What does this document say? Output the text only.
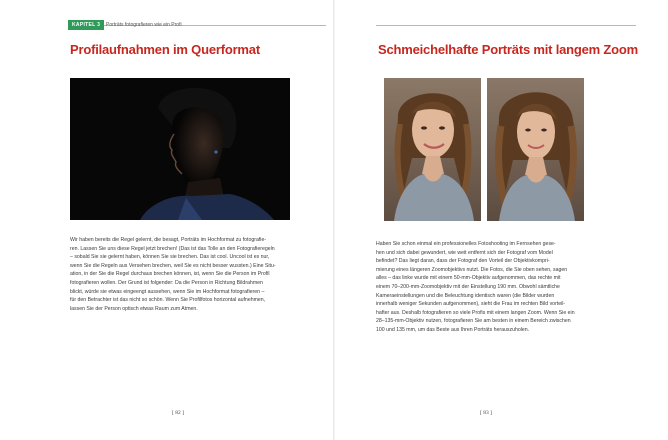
KAPITEL 3	Porträts fotografieren wie ein Profi
Profilaufnahmen im Querformat

Wir haben bereits die Regel gelernt, die besagt, Porträts im Hochformat zu fotografie-

ren. Lassen Sie uns diese Regel jetzt brechen! (Das ist das Tolle an den Fotografieregeln

– sobald Sie sie gelernt haben, können Sie sie brechen. Das ist cool. Uncool ist es nur,

wenn Sie die Regeln aus Versehen brechen, weil Sie es nicht besser wussten.) Eine Situ-

ation, in der Sie die Regel durchaus brechen können, ist, wenn Sie die Person im Profil

fotografieren wollen. Der Grund ist folgender: Da die Person in Richtung Bildrahmen

blickt, würde sie etwas eingeengt aussehen, wenn Sie im Hochformat fotografieren –

für den Betrachter ist das nicht so schön. Wenn Sie Profilfotos horizontal aufnehmen,

lassen Sie der Person optisch etwas Raum zum Atmen.

[ 82 ]
Schmeichelhafte Porträts mit langem Zoom

Haben Sie schon einmal ein professionelles Fotoshooting im Fernsehen gese-

hen und sich dabei gewundert, wie weit entfernt sich der Fotograf vom Model

befindet? Das liegt daran, dass der Fotograf den Vorteil der Objektivkompri-

mierung eines längeren Zoomobjektivs nutzt. Die Fotos, die Sie oben sehen, sagen

alles – das linke wurde mit einem 50-mm-Objektiv aufgenommen, das rechte mit

einem 70–200-mm-Zoomobjektiv mit der Einstellung 190 mm. Obwohl sämtliche

Kameraeinstellungen und die Beleuchtung identisch waren (die Bilder wurden

innerhalb weniger Sekunden aufgenommen), sieht die Frau im rechten Bild vorteil-

hafter aus. Deshalb fotografieren so viele Profis mit einem langen Zoom. Wenn Sie ein

28–135-mm-Objektiv nutzen, fotografieren Sie am besten in einem Bereich zwischen

100 und 135 mm, um das Beste aus Ihren Porträts herauszuholen.

[ 83 ]
